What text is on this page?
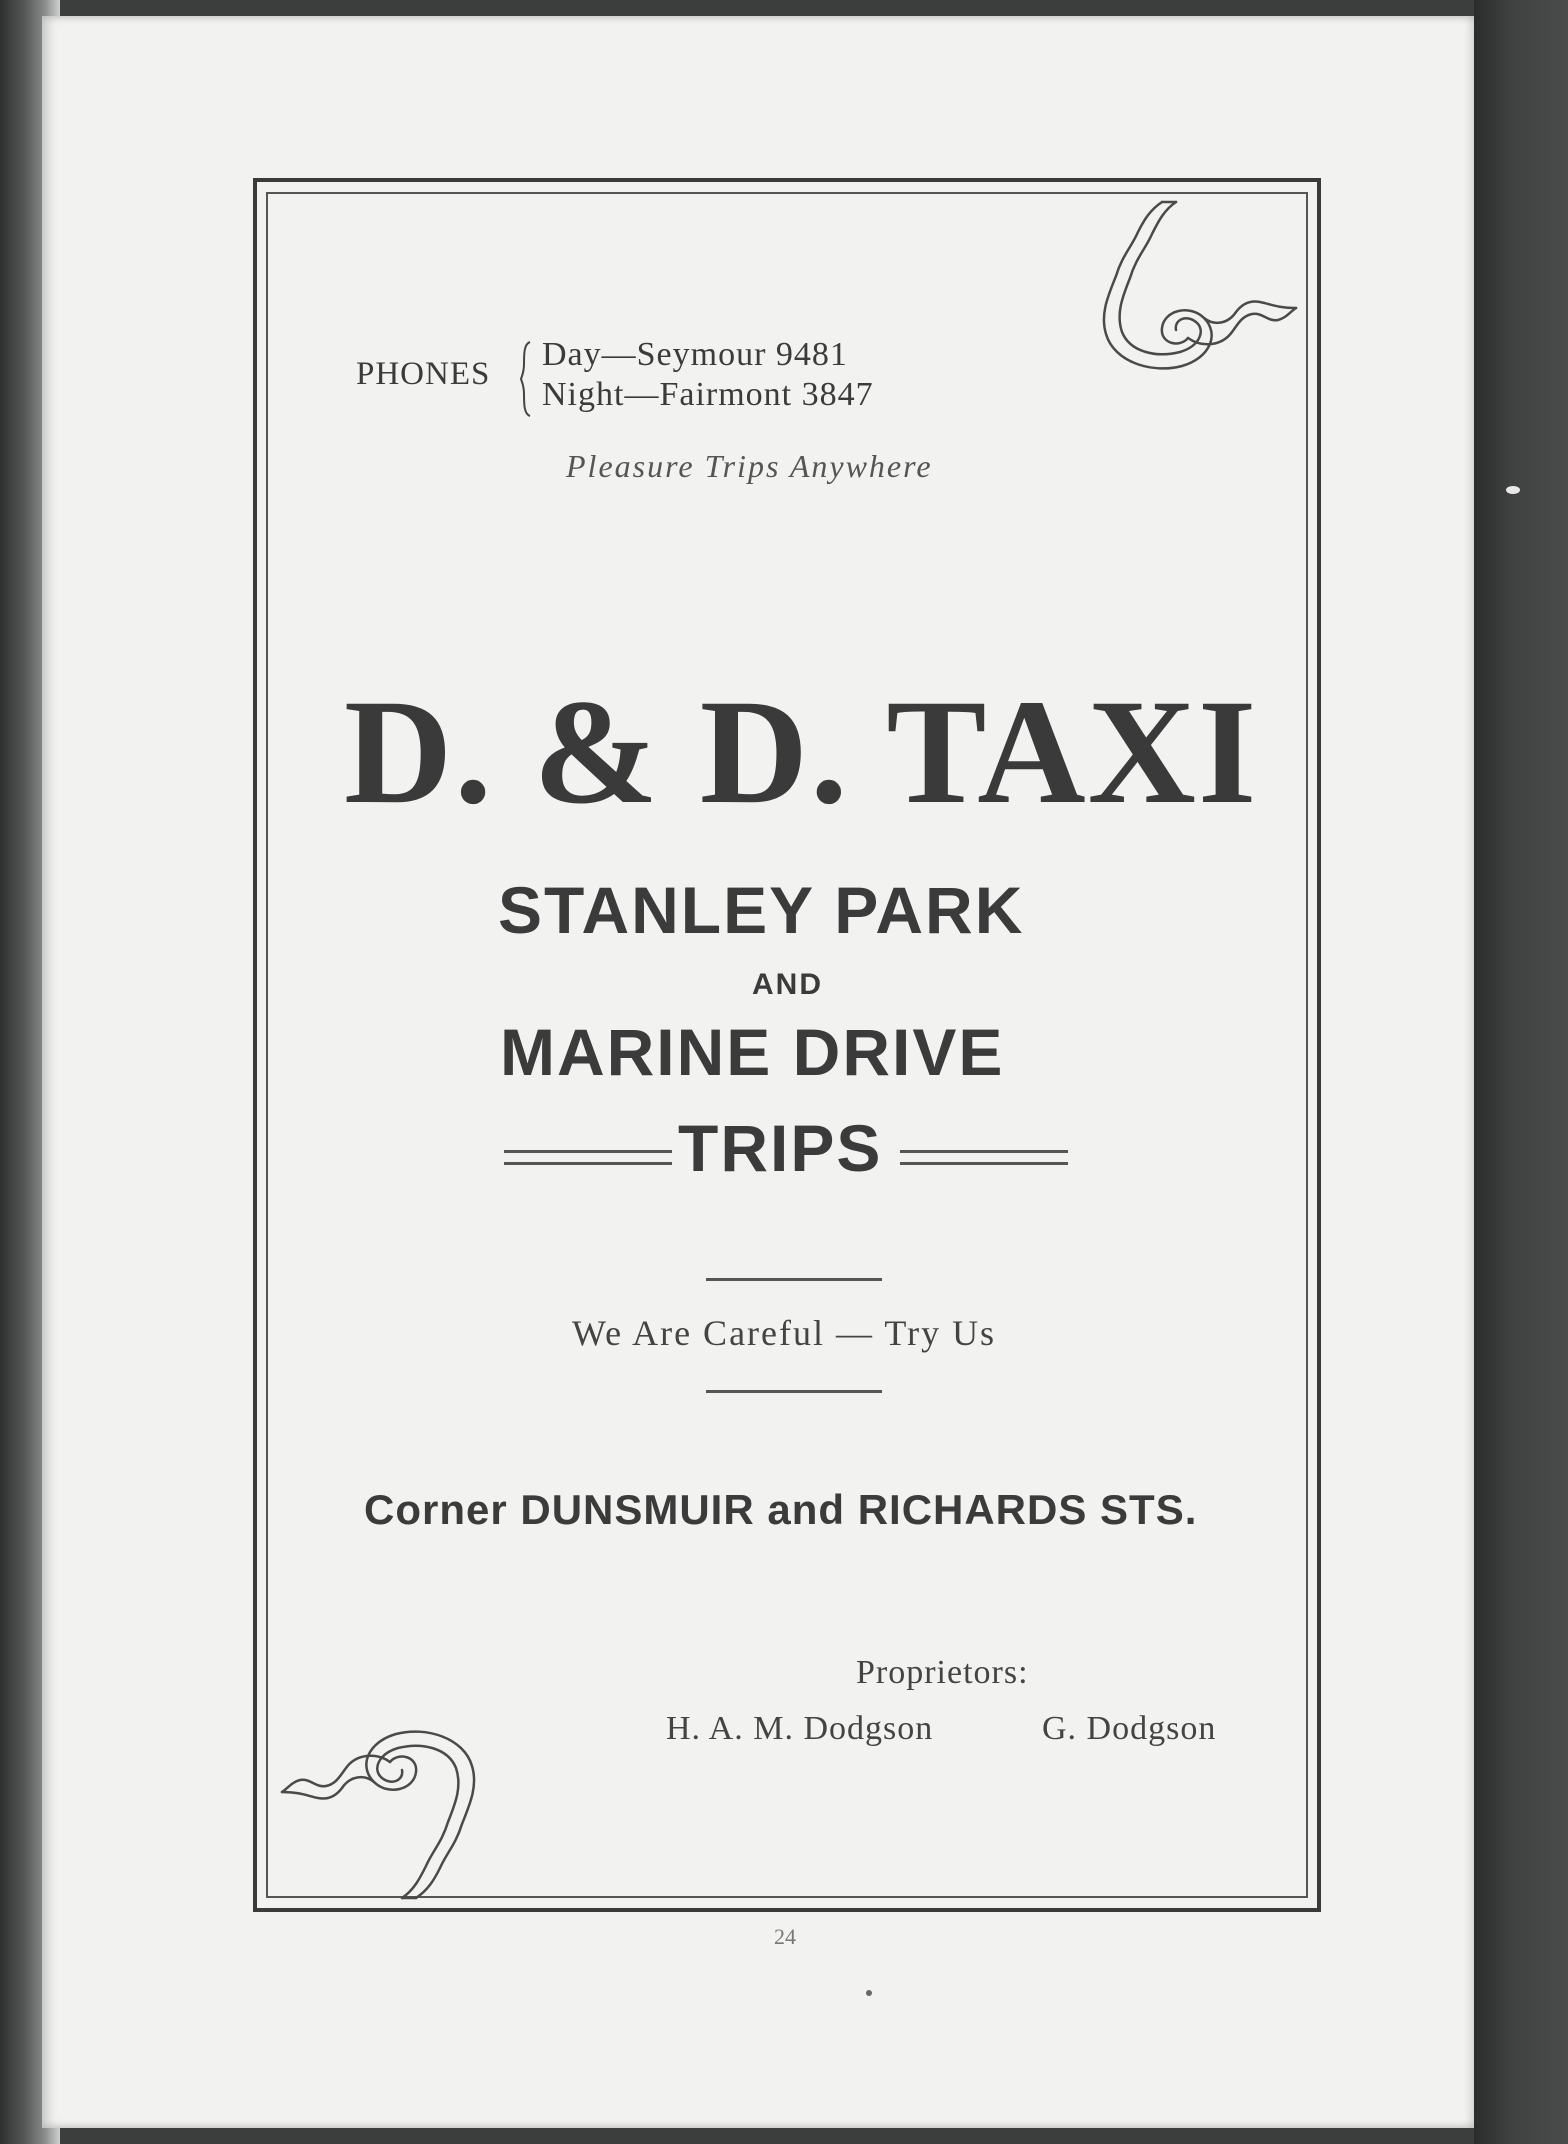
PHONES
Day—Seymour 9481
Night—Fairmont 3847
Pleasure Trips Anywhere
D. & D. TAXI
STANLEY PARK
AND
MARINE DRIVE
TRIPS
We Are Careful — Try Us
Corner DUNSMUIR and RICHARDS STS.
Proprietors:
H. A. M. Dodgson	G. Dodgson
24
